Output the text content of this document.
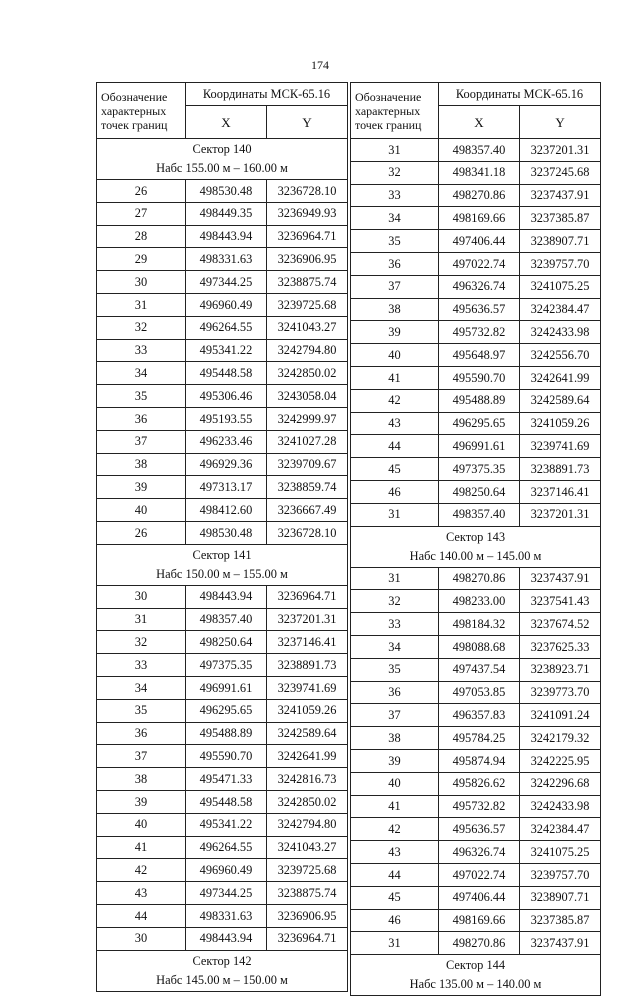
174
Обозначение характерных точек границ	Координаты МСК-65.16	
	X	Y

Сектор 140
Набс 155.00 м – 160.00 м		

26	498530.48	3236728.10
27	498449.35	3236949.93
28	498443.94	3236964.71
29	498331.63	3236906.95
30	497344.25	3238875.74
31	496960.49	3239725.68
32	496264.55	3241043.27
33	495341.22	3242794.80
34	495448.58	3242850.02
35	495306.46	3243058.04
36	495193.55	3242999.97
37	496233.46	3241027.28
38	496929.36	3239709.67
39	497313.17	3238859.74
40	498412.60	3236667.49
26	498530.48	3236728.10

Сектор 141
Набс 150.00 м – 155.00 м		

30	498443.94	3236964.71
31	498357.40	3237201.31
32	498250.64	3237146.41
33	497375.35	3238891.73
34	496991.61	3239741.69
35	496295.65	3241059.26
36	495488.89	3242589.64
37	495590.70	3242641.99
38	495471.33	3242816.73
39	495448.58	3242850.02
40	495341.22	3242794.80
41	496264.55	3241043.27
42	496960.49	3239725.68
43	497344.25	3238875.74
44	498331.63	3236906.95
30	498443.94	3236964.71

Сектор 142
Набс 145.00 м – 150.00 м		
Обозначение характерных точек границ	Координаты МСК-65.16	
	X	Y
31	498357.40	3237201.31
32	498341.18	3237245.68
33	498270.86	3237437.91
34	498169.66	3237385.87
35	497406.44	3238907.71
36	497022.74	3239757.70
37	496326.74	3241075.25
38	495636.57	3242384.47
39	495732.82	3242433.98
40	495648.97	3242556.70
41	495590.70	3242641.99
42	495488.89	3242589.64
43	496295.65	3241059.26
44	496991.61	3239741.69
45	497375.35	3238891.73
46	498250.64	3237146.41
31	498357.40	3237201.31

Сектор 143
Набс 140.00 м – 145.00 м		

31	498270.86	3237437.91
32	498233.00	3237541.43
33	498184.32	3237674.52
34	498088.68	3237625.33
35	497437.54	3238923.71
36	497053.85	3239773.70
37	496357.83	3241091.24
38	495784.25	3242179.32
39	495874.94	3242225.95
40	495826.62	3242296.68
41	495732.82	3242433.98
42	495636.57	3242384.47
43	496326.74	3241075.25
44	497022.74	3239757.70
45	497406.44	3238907.71
46	498169.66	3237385.87
31	498270.86	3237437.91

Сектор 144
Набс 135.00 м – 140.00 м		
